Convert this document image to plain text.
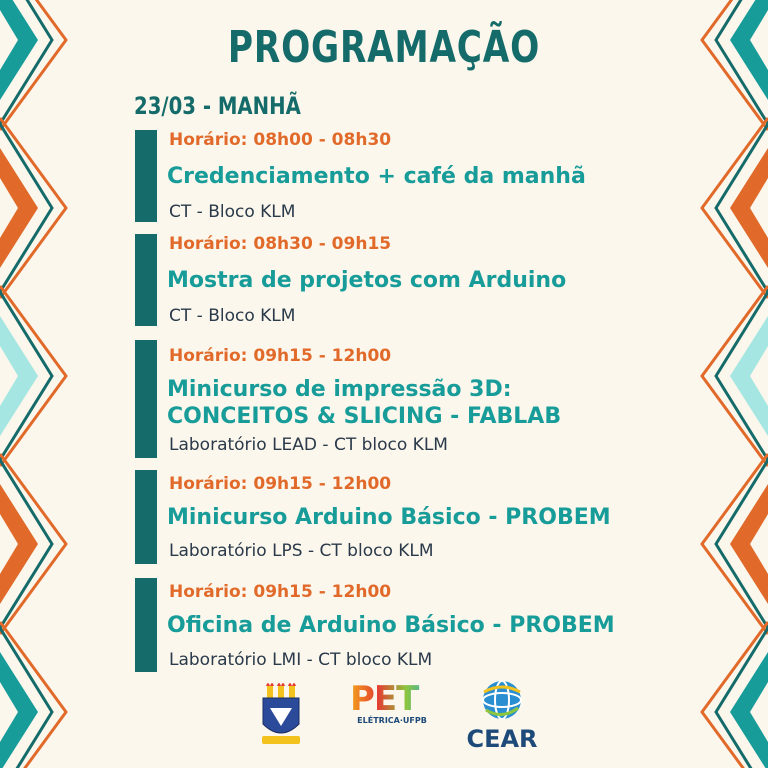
PROGRAMAÇÃO
23/03 - MANHÃ
Horário: 08h00 - 08h30
Credenciamento + café da manhã
CT - Bloco KLM
Horário: 08h30 - 09h15
Mostra de projetos com Arduino
CT - Bloco KLM
Horário: 09h15 - 12h00
Minicurso de impressão 3D:
CONCEITOS & SLICING - FABLAB
Laboratório LEAD - CT bloco KLM
Horário: 09h15 - 12h00
Minicurso Arduino Básico - PROBEM
Laboratório LPS - CT bloco KLM
Horário: 09h15 - 12h00
Oficina de Arduino Básico - PROBEM
Laboratório LMI - CT bloco KLM
PET
ELÉTRICA·UFPB

CEAR
